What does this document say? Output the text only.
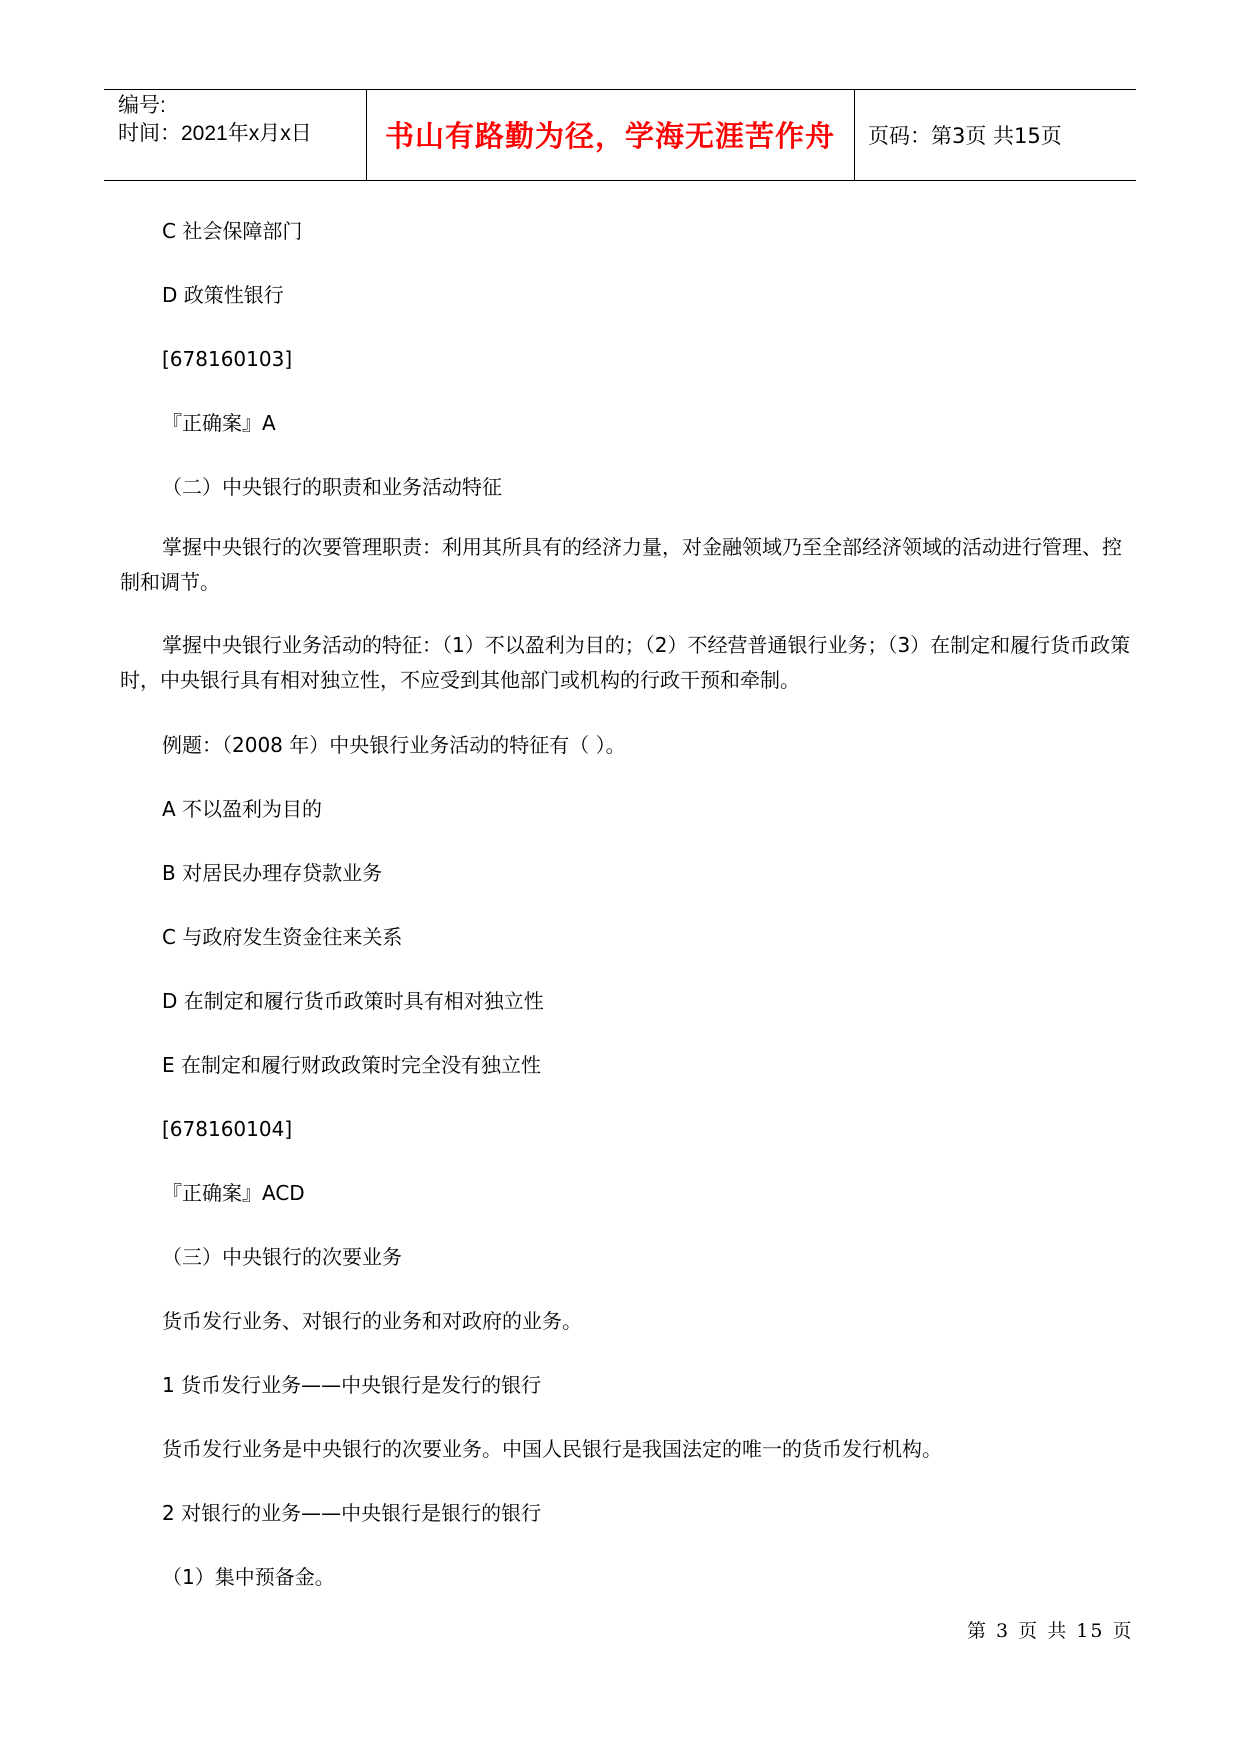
编号:
时间：2021年x月x日	书山有路勤为径，学海无涯苦作舟	页码：第3页 共15页
C 社会保障部门
D 政策性银行
[678160103]
『正确案』A
（二）中央银行的职责和业务活动特征
掌握中央银行的次要管理职责：利用其所具有的经济力量，对金融领域乃至全部经济领域的活动进行管理、控制和调节。
掌握中央银行业务活动的特征：（1）不以盈利为目的；（2）不经营普通银行业务；（3）在制定和履行货币政策时，中央银行具有相对独立性，不应受到其他部门或机构的行政干预和牵制。
例题：（2008 年）中央银行业务活动的特征有（ ）。
A 不以盈利为目的
B 对居民办理存贷款业务
C 与政府发生资金往来关系
D 在制定和履行货币政策时具有相对独立性
E 在制定和履行财政政策时完全没有独立性
[678160104]
『正确案』ACD
（三）中央银行的次要业务
货币发行业务、对银行的业务和对政府的业务。
1 货币发行业务——中央银行是发行的银行
货币发行业务是中央银行的次要业务。中国人民银行是我国法定的唯一的货币发行机构。
2 对银行的业务——中央银行是银行的银行
（1）集中预备金。
第 3 页 共 15 页
